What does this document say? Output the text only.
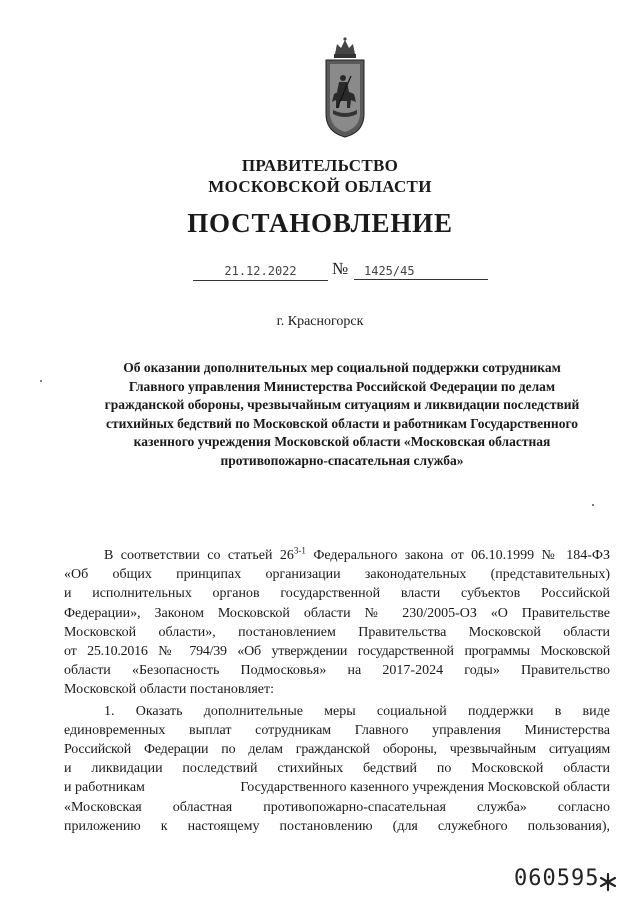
ПРАВИТЕЛЬСТВО
МОСКОВСКОЙ ОБЛАСТИ
ПОСТАНОВЛЕНИЕ
21.12.2022	№	1425/45
г. Красногорск
Об оказании дополнительных мер социальной поддержки сотрудникам
Главного управления Министерства Российской Федерации по делам
гражданской обороны, чрезвычайным ситуациям и ликвидации последствий
стихийных бедствий по Московской области и работникам Государственного
казенного учреждения Московской области «Московская областная
противопожарно-спасательная служба»
В соответствии со статьей 26$^{3-1}$ Федерального закона от 06.10.1999 № 184-ФЗ
«Об общих принципах организации законодательных (представительных)
и исполнительных органов государственной власти субъектов Российской
Федерации», Законом Московской области № 230/2005-ОЗ «О Правительстве
Московской области», постановлением Правительства Московской области
от 25.10.2016 № 794/39 «Об утверждении государственной программы Московской
области «Безопасность Подмосковья» на 2017-2024 годы» Правительство
Московской области постановляет:
1. Оказать дополнительные меры социальной поддержки в виде
единовременных выплат сотрудникам Главного управления Министерства
Российской Федерации по делам гражданской обороны, чрезвычайным ситуациям
и ликвидации последствий стихийных бедствий по Московской области
и работникам	Государственного казенного учреждения Московской области
«Московская областная противопожарно-спасательная служба» согласно
приложению к настоящему постановлению (для служебного пользования),
060595
